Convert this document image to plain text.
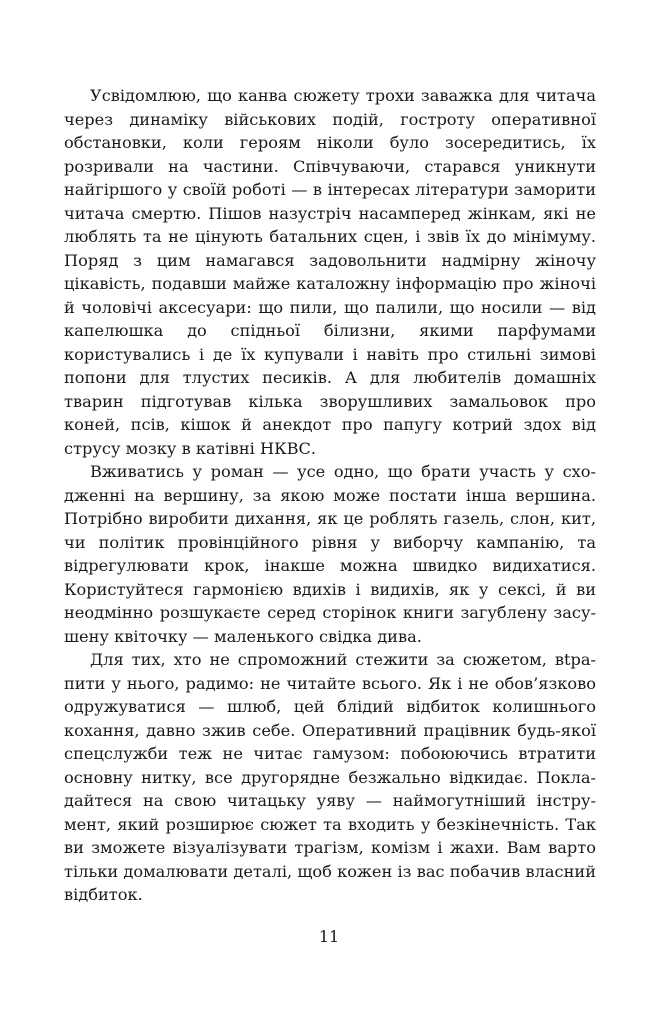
Усвідомлюю, що канва сюжету трохи заважка для читача через динаміку військових подій, гостроту оперативної обстановки, коли героям ніколи було зосередитись, їх розривали на частини. Співчуваючи, старався уникнути найгіршого у своїй роботі — в інтересах літератури заморити читача смертю. Пішов назустріч насамперед жінкам, які не люблять та не цінують батальних сцен, і звів їх до мінімуму. Поряд з цим намагався задовольнити надмірну жіночу цікавість, подавши майже каталожну інформацію про жіночі й чоловічі аксесуари: що пили, що палили, що носили — від капелюшка до спідньої білизни, якими парфумами користувались і де їх купували і навіть про стильні зимові попони для тлустих песиків. А для любителів домашніх тварин підготував кілька зворушливих замальовок про коней, псів, кішок й анекдот про папугу котрий здох від струсу мозку в катівні НКВС.

Вживатись у роман — усе одно, що брати участь у сходженні на вершину, за якою може постати інша вершина. Потрібно виробити дихання, як це роблять газель, слон, кит, чи політик провінційного рівня у виборчу кампанію, та відрегулювати крок, інакше можна швидко видихатися. Користуйтеся гармонією вдихів і видихів, як у сексі, й ви неодмінно розшукаєте серед сторінок книги загублену засушену квіточку — маленького свідка дива.

Для тих, хто не спроможний стежити за сюжетом, вtрапити у нього, радимо: не читайте всього. Як і не обов’язково одружуватися — шлюб, цей блідий відбиток колишнього кохання, давно зжив себе. Оперативний працівник будь-якої спецслужби теж не читає гамузом: побоюючись втратити основну нитку, все другорядне безжально відкидає. Покладайтеся на свою читацьку уяву — наймогутніший інструмент, який розширює сюжет та входить у безкінечність. Так ви зможете візуалізувати трагізм, комізм і жахи. Вам варто тільки домалювати деталі, щоб кожен із вас побачив власний відбиток.

11
